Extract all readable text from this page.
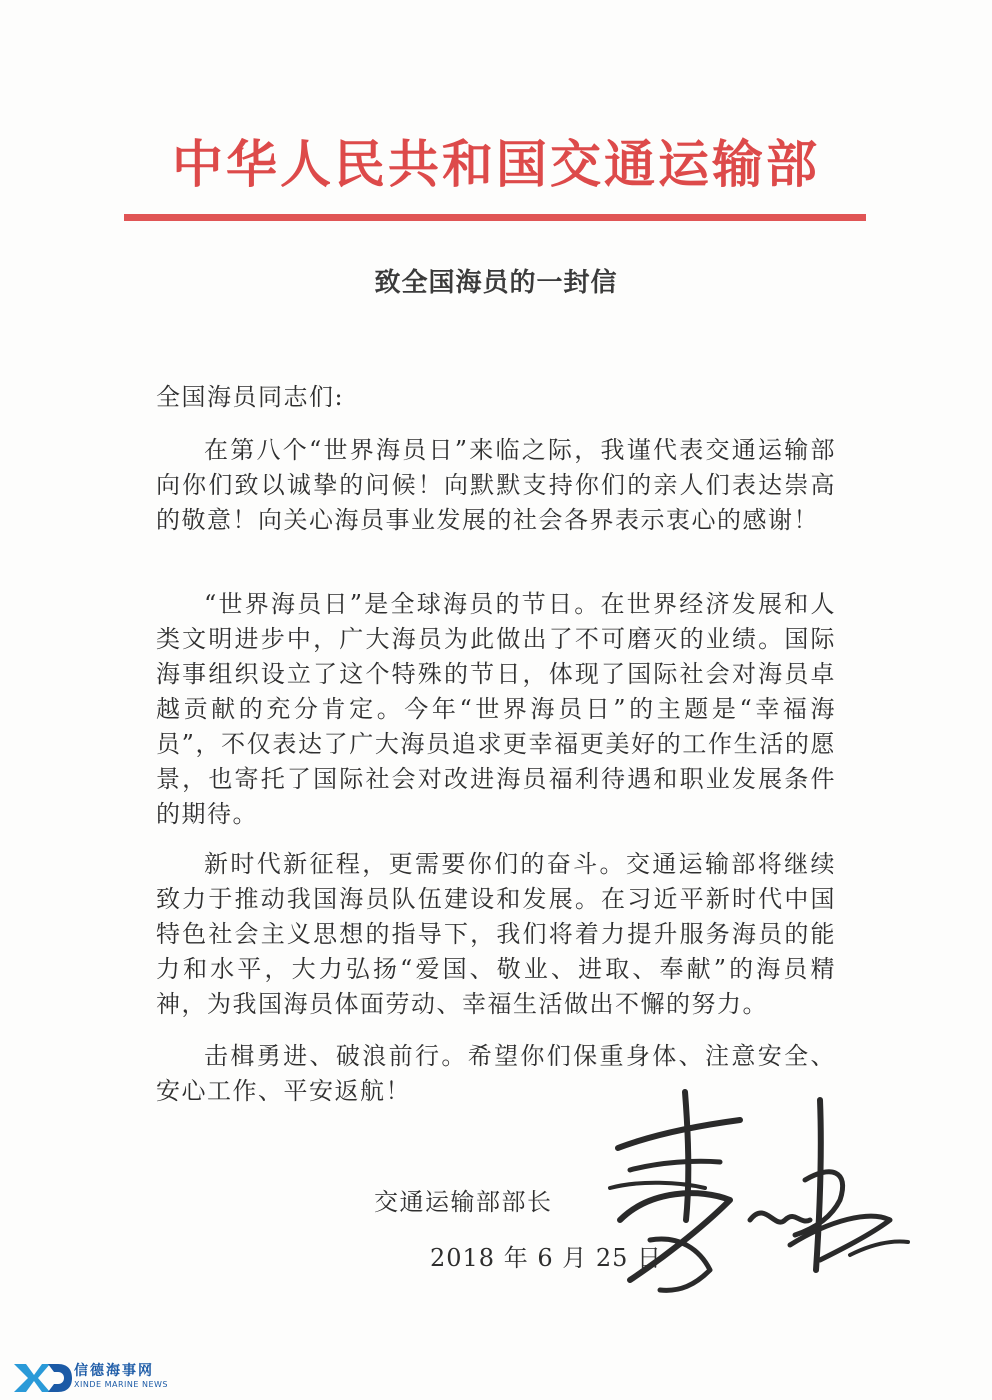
中华人民共和国交通运输部
致全国海员的一封信
全国海员同志们:

在第八个“世界海员日”来临之际，我谨代表交通运输部向你们致以诚挚的问候！向默默支持你们的亲人们表达崇高的敬意！向关心海员事业发展的社会各界表示衷心的感谢！

“世界海员日”是全球海员的节日。在世界经济发展和人类文明进步中，广大海员为此做出了不可磨灭的业绩。国际海事组织设立了这个特殊的节日，体现了国际社会对海员卓越贡献的充分肯定。今年“世界海员日”的主题是“幸福海员”，不仅表达了广大海员追求更幸福更美好的工作生活的愿景，也寄托了国际社会对改进海员福利待遇和职业发展条件的期待。

新时代新征程，更需要你们的奋斗。交通运输部将继续致力于推动我国海员队伍建设和发展。在习近平新时代中国特色社会主义思想的指导下，我们将着力提升服务海员的能力和水平，大力弘扬“爱国、敬业、进取、奉献”的海员精神，为我国海员体面劳动、幸福生活做出不懈的努力。

击楫勇进、破浪前行。希望你们保重身体、注意安全、安心工作、平安返航！

交通运输部部长
2018 年 6 月 25 日
信德海事网
XINDE MARINE NEWS
